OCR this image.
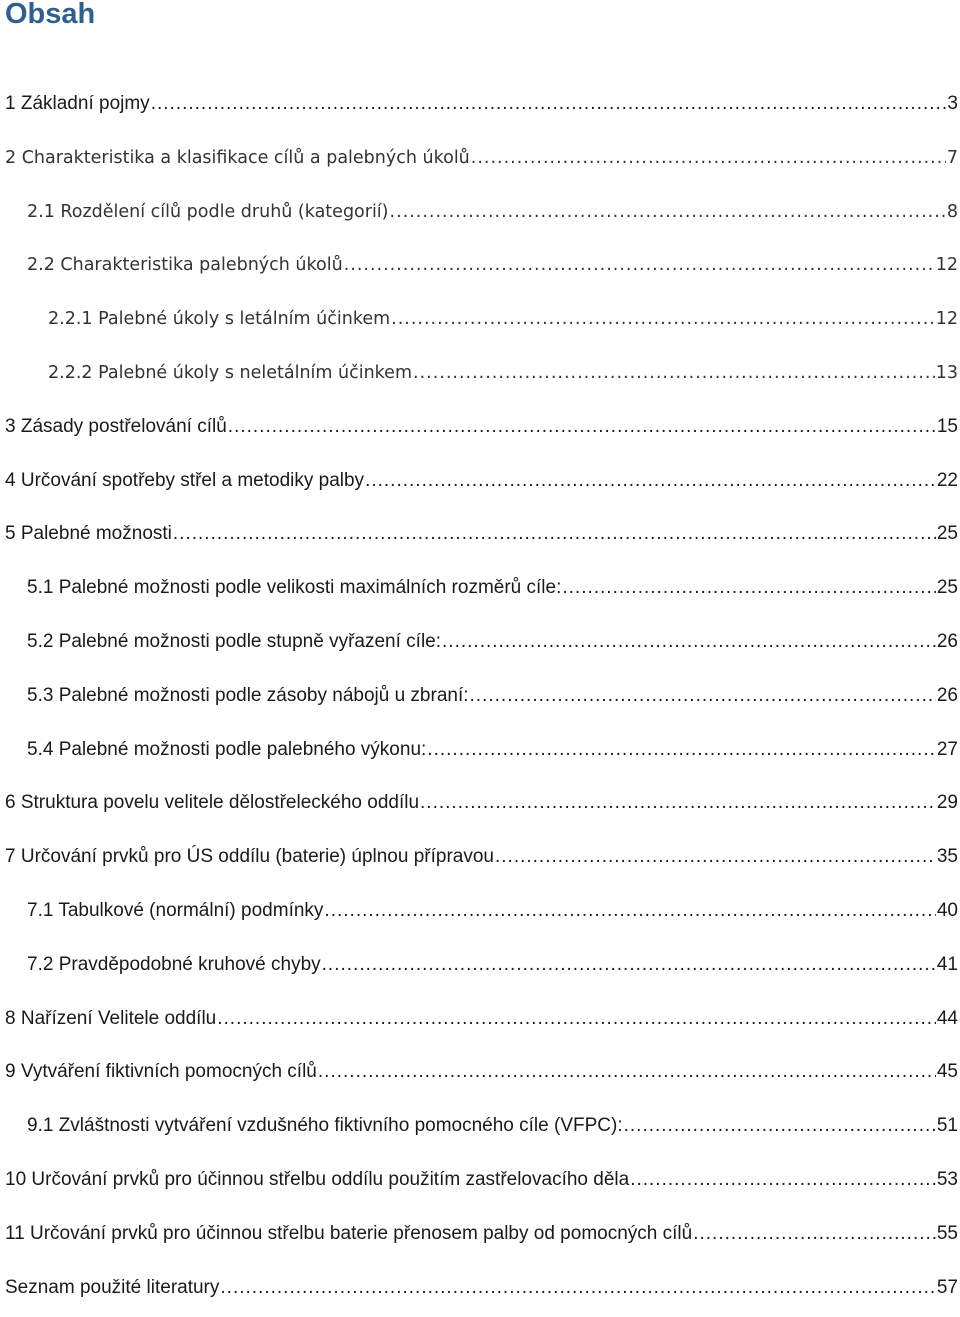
Obsah
1 Základní pojmy .....	3
2 Charakteristika a klasifikace cílů a palebných úkolů .....	7
2.1 Rozdělení cílů podle druhů (kategorií) .....	8
2.2 Charakteristika palebných úkolů .....	12
2.2.1 Palebné úkoly s letálním účinkem .....	12
2.2.2 Palebné úkoly s neletálním účinkem .....	13
3 Zásady postřelování cílů .....	15
4 Určování spotřeby střel a metodiky palby .....	22
5 Palebné možnosti .....	25
5.1 Palebné možnosti podle velikosti maximálních rozměrů cíle: .....	25
5.2 Palebné možnosti podle stupně vyřazení cíle: .....	26
5.3 Palebné možnosti podle zásoby nábojů u zbraní: .....	26
5.4 Palebné možnosti podle palebného výkonu: .....	27
6 Struktura povelu velitele dělostřeleckého oddílu .....	29
7 Určování prvků pro ÚS oddílu (baterie) úplnou přípravou .....	35
7.1 Tabulkové (normální) podmínky .....	40
7.2 Pravděpodobné kruhové chyby .....	41
8 Nařízení Velitele oddílu .....	44
9 Vytváření fiktivních pomocných cílů .....	45
9.1 Zvláštnosti vytváření vzdušného fiktivního pomocného cíle (VFPC): .....	51
10 Určování prvků pro účinnou střelbu oddílu použitím zastřelovacího děla .....	53
11 Určování prvků pro účinnou střelbu baterie přenosem palby od pomocných cílů .....	55
Seznam použité literatury .....	57
